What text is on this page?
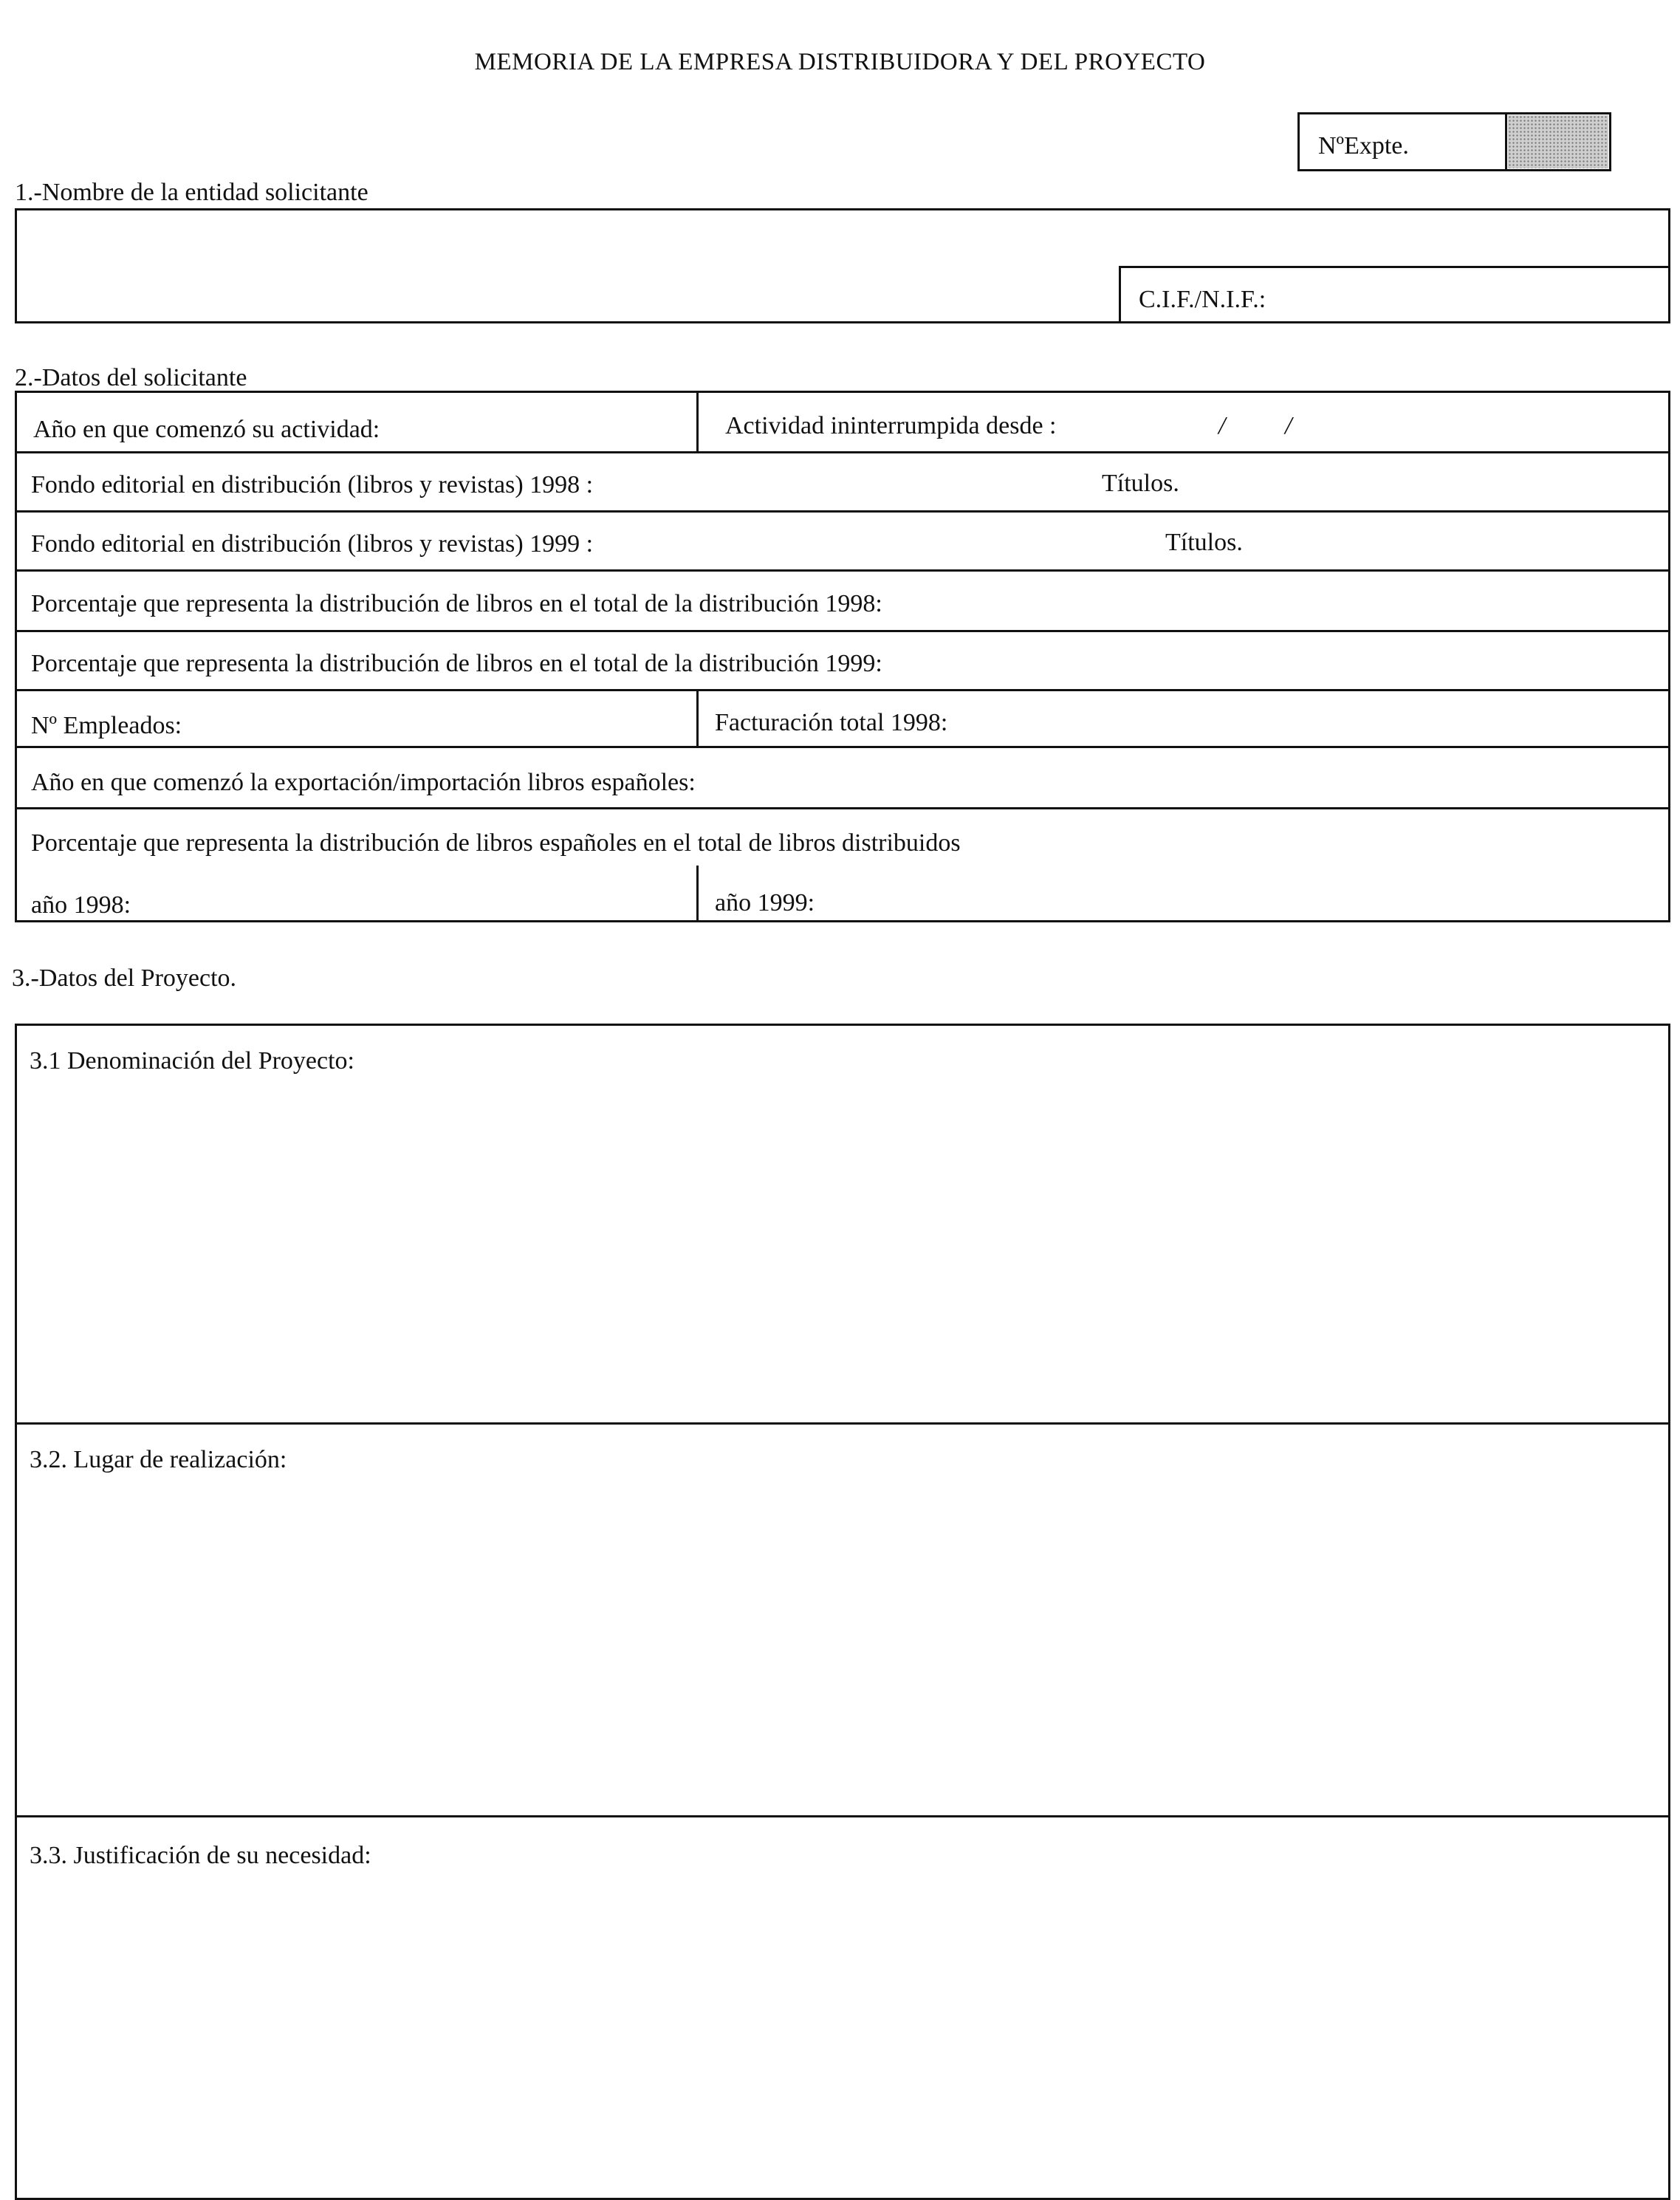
MEMORIA DE LA EMPRESA DISTRIBUIDORA Y DEL PROYECTO
NºExpte.
1.-Nombre de la entidad solicitante
C.I.F./N.I.F.:
2.-Datos del solicitante
Año en que comenzó su actividad:	Actividad ininterrumpida desde :	/ /
Fondo editorial en distribución (libros y revistas) 1998 :	Títulos.
Fondo editorial en distribución (libros y revistas) 1999 :	Títulos.
Porcentaje que representa la distribución de libros en el total de la distribución 1998:
Porcentaje que representa la distribución de libros en el total de la distribución 1999:
Nº Empleados:	Facturación total 1998:
Año en que comenzó la exportación/importación libros españoles:
Porcentaje que representa la distribución de libros españoles en el total de libros distribuidos
año 1998:	año 1999:
3.-Datos del Proyecto.
3.1 Denominación del Proyecto:
3.2. Lugar de realización:
3.3. Justificación de su necesidad:
